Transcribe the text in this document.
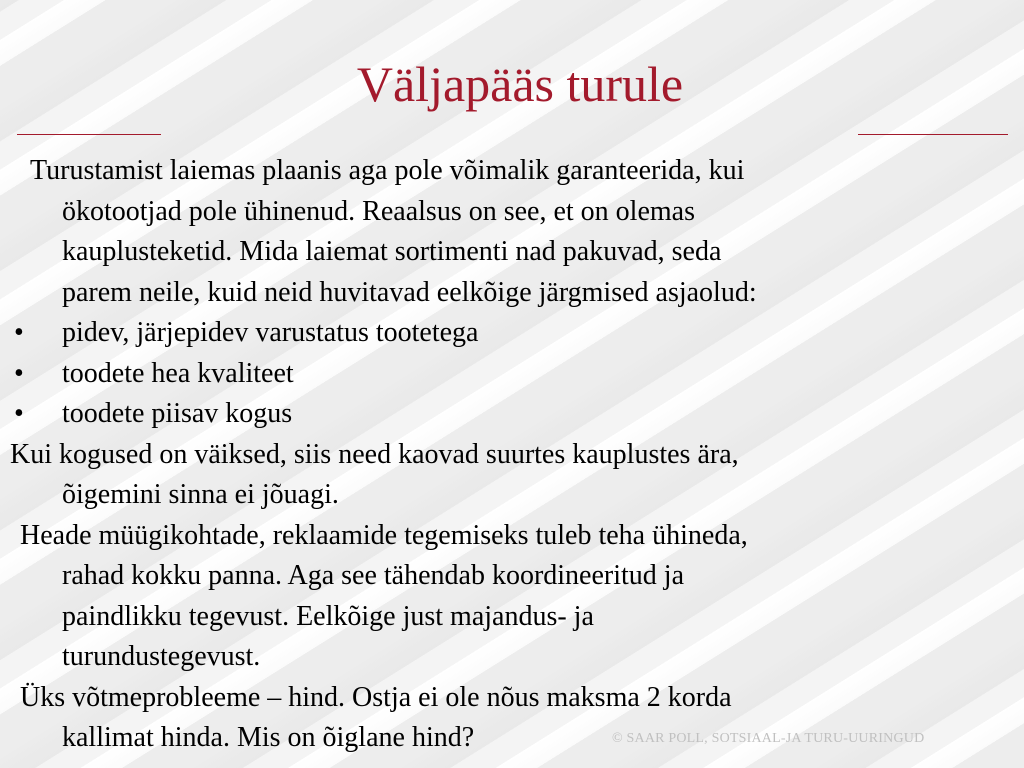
Väljapääs turule
Turustamist laiemas plaanis aga pole võimalik garanteerida, kui
ökotootjad pole ühinenud. Reaalsus on see, et on olemas
kauplusteketid. Mida laiemat sortimenti nad pakuvad, seda
parem neile, kuid neid huvitavad eelkõige järgmised asjaolud:
• pidev, järjepidev varustatus tootetega
• toodete hea kvaliteet
• toodete piisav kogus
Kui kogused on väiksed, siis need kaovad suurtes kauplustes ära,
õigemini sinna ei jõuagi.
Heade müügikohtade, reklaamide tegemiseks tuleb teha ühineda,
rahad kokku panna. Aga see tähendab koordineeritud ja
paindlikku tegevust. Eelkõige just majandus- ja
turundustegevust.
Üks võtmeprobleeme – hind. Ostja ei ole nõus maksma 2 korda
kallimat hinda. Mis on õiglane hind?	© SAAR POLL, SOTSIAAL-JA TURU-UURINGUD
